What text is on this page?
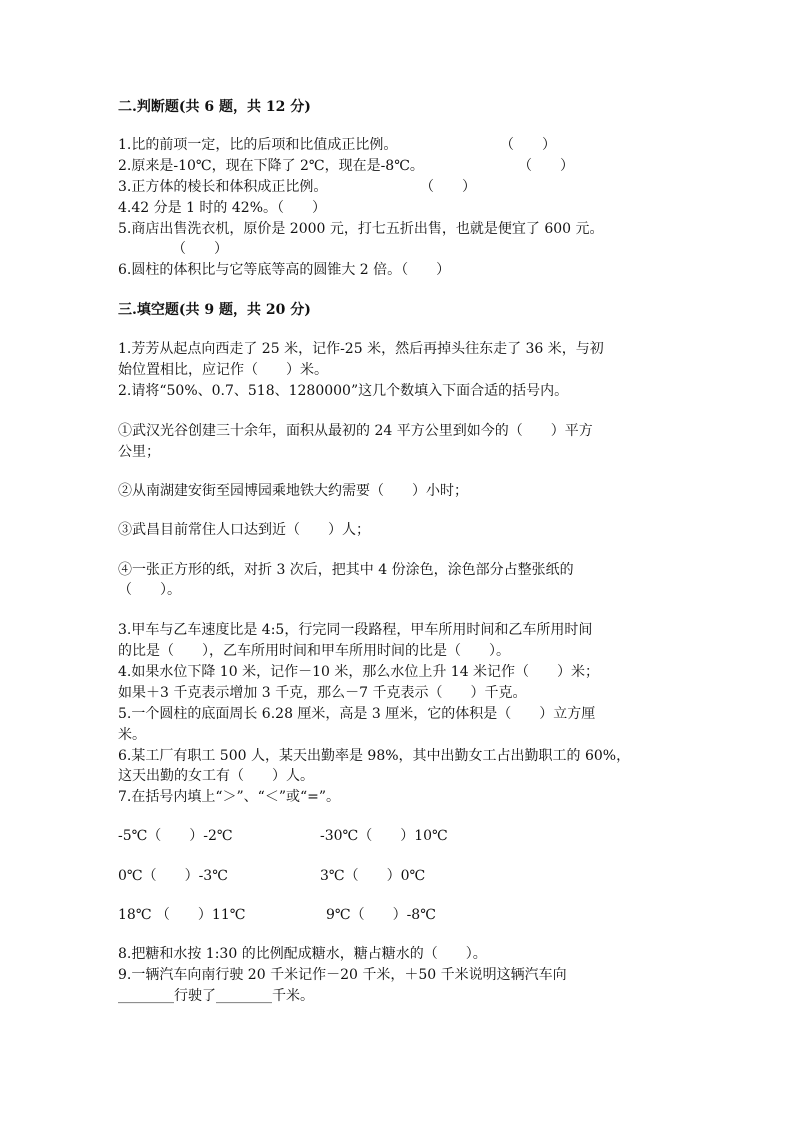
二.判断题(共 6 题，共 12 分)
1.比的前项一定，比的后项和比值成正比例。	（　　）
2.原来是-10℃，现在下降了 2℃，现在是-8℃。	（　　）
3.正方体的棱长和体积成正比例。	（　　）
4.42 分是 1 时的 42%。（　　）
5.商店出售洗衣机，原价是 2000 元，打七五折出售，也就是便宜了 600 元。
（　　）
6.圆柱的体积比与它等底等高的圆锥大 2 倍。（　　）
三.填空题(共 9 题，共 20 分)
1.芳芳从起点向西走了 25 米，记作-25 米，然后再掉头往东走了 36 米，与初
始位置相比，应记作（　　）米。
2.请将“50%、0.7、518、1280000”这几个数填入下面合适的括号内。
①武汉光谷创建三十余年，面积从最初的 24 平方公里到如今的（　　）平方
公里；
②从南湖建安街至园博园乘地铁大约需要（　　）小时；
③武昌目前常住人口达到近（　　）人；
④一张正方形的纸，对折 3 次后，把其中 4 份涂色，涂色部分占整张纸的
（　　）。
3.甲车与乙车速度比是 4:5，行完同一段路程，甲车所用时间和乙车所用时间
的比是（　　），乙车所用时间和甲车所用时间的比是（　　）。
4.如果水位下降 10 米，记作－10 米，那么水位上升 14 米记作（　　）米；
如果＋3 千克表示增加 3 千克，那么－7 千克表示（　　）千克。
5.一个圆柱的底面周长 6.28 厘米，高是 3 厘米，它的体积是（　　）立方厘
米。
6.某工厂有职工 500 人，某天出勤率是 98%，其中出勤女工占出勤职工的 60%，
这天出勤的女工有（　　）人。
7.在括号内填上“＞”、“＜”或“=”。
-5℃（　　）-2℃	-30℃（　　）10℃
0℃（　　）-3℃	3℃（　　）0℃
18℃ （　　）11℃	9℃（　　）-8℃
8.把糖和水按 1:30 的比例配成糖水，糖占糖水的（　　）。
9.一辆汽车向南行驶 20 千米记作－20 千米，＋50 千米说明这辆汽车向
________行驶了________千米。
